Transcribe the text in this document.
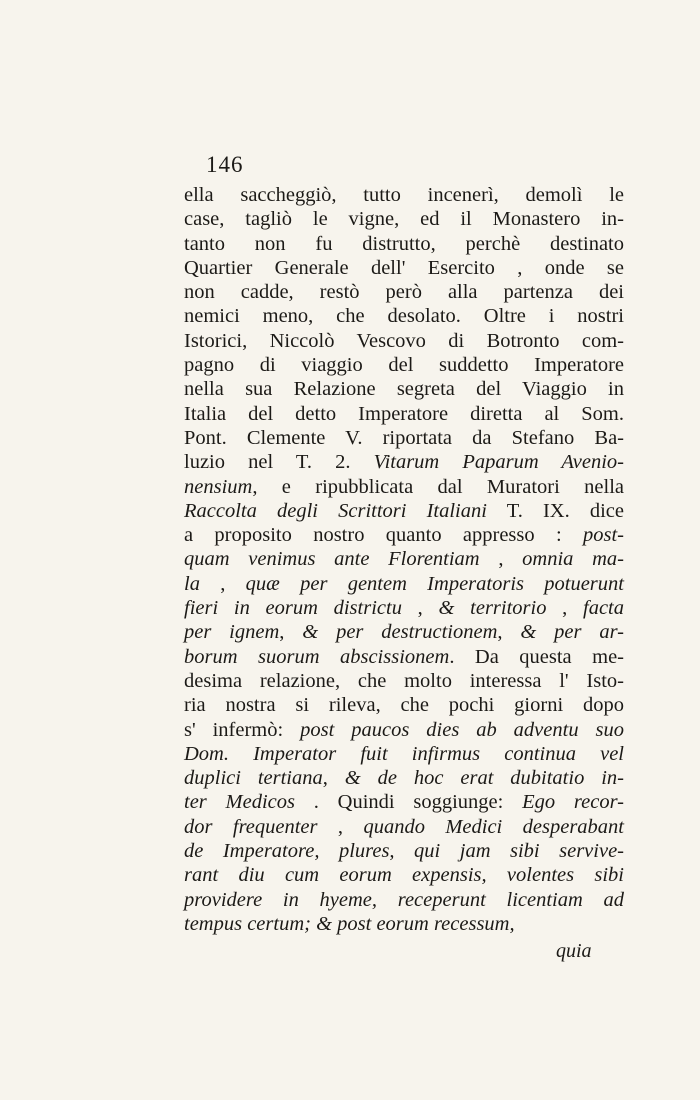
146
ella saccheggiò, tutto incenerì, demolì le
case, tagliò le vigne, ed il Monastero in-
tanto non fu distrutto, perchè destinato
Quartier Generale dell' Esercito , onde se
non cadde, restò però alla partenza dei
nemici meno, che desolato. Oltre i nostri
Istorici, Niccolò Vescovo di Botronto com-
pagno di viaggio del suddetto Imperatore
nella sua Relazione segreta del Viaggio in
Italia del detto Imperatore diretta al Som.
Pont. Clemente V. riportata da Stefano Ba-
luzio nel T. 2. Vitarum Paparum Avenio-
nensium, e ripubblicata dal Muratori nella
Raccolta degli Scrittori Italiani T. IX. dice
a proposito nostro quanto appresso : post-
quam venimus ante Florentiam , omnia ma-
la , quæ per gentem Imperatoris potuerunt
fieri in eorum districtu , & territorio , facta
per ignem, & per destructionem, & per ar-
borum suorum abscissionem. Da questa me-
desima relazione, che molto interessa l' Isto-
ria nostra si rileva, che pochi giorni dopo
s' infermò: post paucos dies ab adventu suo
Dom. Imperator fuit infirmus continua vel
duplici tertiana, & de hoc erat dubitatio in-
ter Medicos . Quindi soggiunge: Ego recor-
dor frequenter , quando Medici desperabant
de Imperatore, plures, qui jam sibi servive-
rant diu cum eorum expensis, volentes sibi
providere in hyeme, receperunt licentiam ad
tempus certum; & post eorum recessum,
quia
